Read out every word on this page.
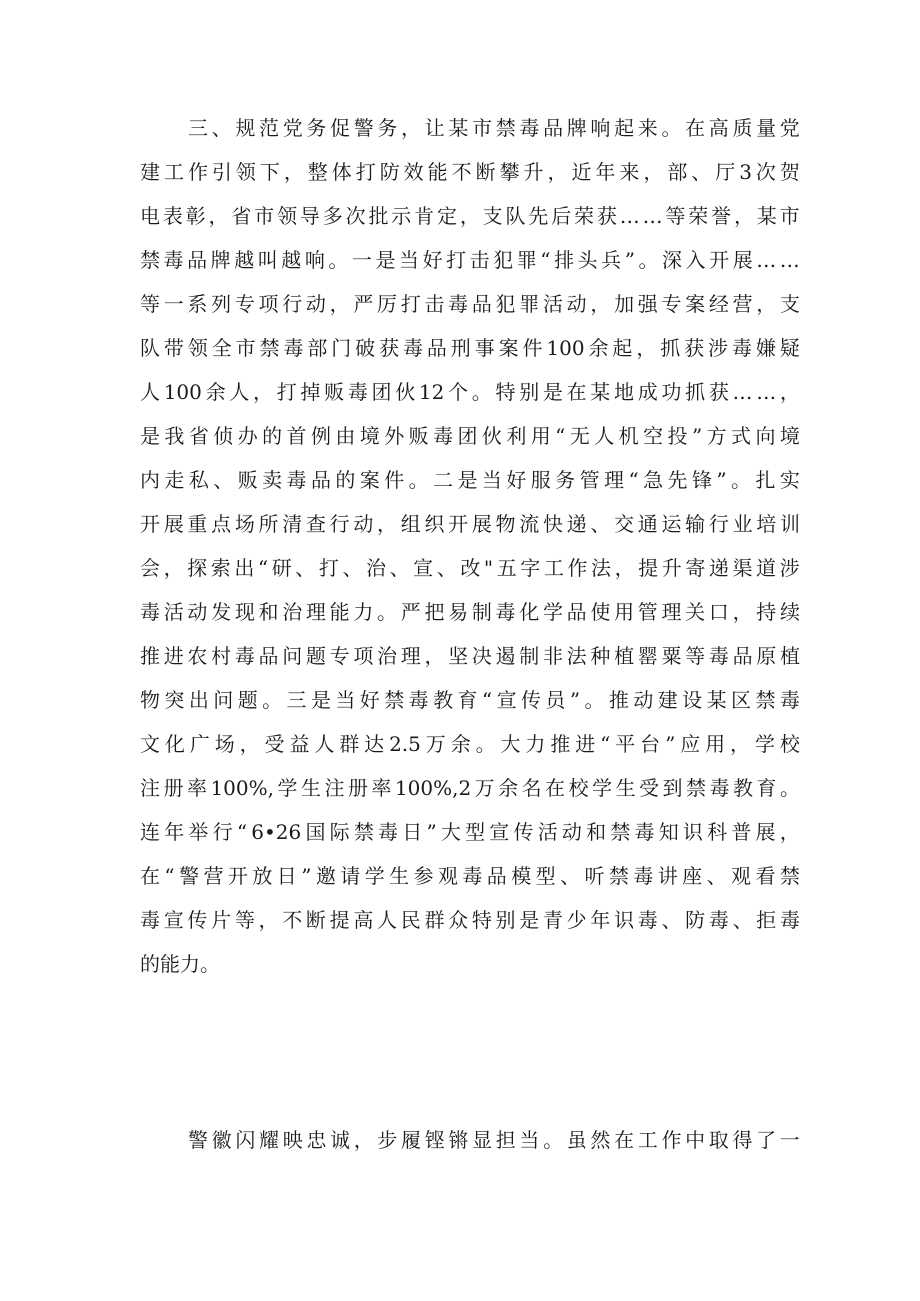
三 、 规 范 党 务 促 警 务 ， 让 某 市 禁 毒 品 牌 响 起 来 。 在 高 质 量 党
建 工 作 引 领 下 ， 整 体 打 防 效 能 不 断 攀 升 ， 近 年 来 ， 部 、 厅 3 次 贺
电 表 彰 ， 省 市 领 导 多 次 批 示 肯 定 ， 支 队 先 后 荣 获 … … 等 荣 誉 ， 某 市
禁 毒 品 牌 越 叫 越 响 。 一 是 当 好 打 击 犯 罪 “ 排 头 兵 ” 。 深 入 开 展 … …
等 一 系 列 专 项 行 动 ， 严 厉 打 击 毒 品 犯 罪 活 动 ， 加 强 专 案 经 营 ， 支
队 带 领 全 市 禁 毒 部 门 破 获 毒 品 刑 事 案 件 100 余 起 ， 抓 获 涉 毒 嫌 疑
人 100 余 人 ， 打 掉 贩 毒 团 伙 12 个 。 特 别 是 在 某 地 成 功 抓 获 … … ，
是 我 省 侦 办 的 首 例 由 境 外 贩 毒 团 伙 利 用 “ 无 人 机 空 投 ” 方 式 向 境
内 走 私 、 贩 卖 毒 品 的 案 件 。 二 是 当 好 服 务 管 理 “ 急 先 锋 ” 。 扎 实
开 展 重 点 场 所 清 查 行 动 ， 组 织 开 展 物 流 快 递 、 交 通 运 输 行 业 培 训
会 ， 探 索 出 “ 研 、 打 、 治 、 宣 、 改 " 五 字 工 作 法 ， 提 升 寄 递 渠 道 涉
毒 活 动 发 现 和 治 理 能 力 。 严 把 易 制 毒 化 学 品 使 用 管 理 关 口 ， 持 续
推 进 农 村 毒 品 问 题 专 项 治 理 ， 坚 决 遏 制 非 法 种 植 罂 粟 等 毒 品 原 植
物 突 出 问 题 。 三 是 当 好 禁 毒 教 育 “ 宣 传 员 ” 。 推 动 建 设 某 区 禁 毒
文 化 广 场 ， 受 益 人 群 达 2.5 万 余 。 大 力 推 进 “ 平 台 ” 应 用 ， 学 校
注 册 率 100%, 学 生 注 册 率 100%,2 万 余 名 在 校 学 生 受 到 禁 毒 教 育 。
连 年 举 行 “ 6•26 国 际 禁 毒 日 ” 大 型 宣 传 活 动 和 禁 毒 知 识 科 普 展 ，
在 “ 警 营 开 放 日 ” 邀 请 学 生 参 观 毒 品 模 型 、 听 禁 毒 讲 座 、 观 看 禁
毒 宣 传 片 等 ， 不 断 提 高 人 民 群 众 特 别 是 青 少 年 识 毒 、 防 毒 、 拒 毒
的 能 力 。
警 徽 闪 耀 映 忠 诚 ， 步 履 铿 锵 显 担 当 。 虽 然 在 工 作 中 取 得 了 一
